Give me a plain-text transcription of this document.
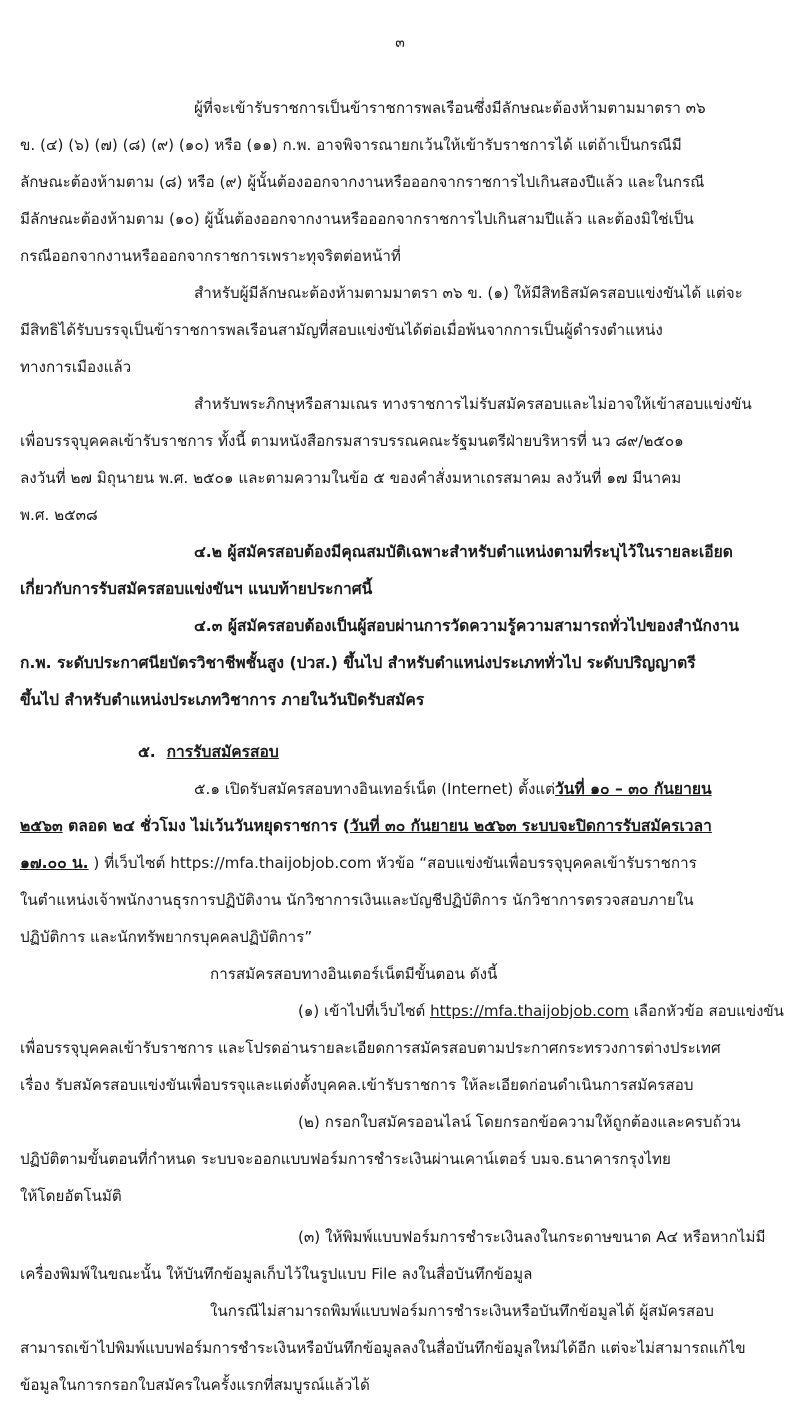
๓
ผู้ที่จะเข้ารับราชการเป็นข้าราชการพลเรือนซึ่งมีลักษณะต้องห้ามตามมาตรา ๓๖
ข. (๔) (๖) (๗) (๘) (๙) (๑๐) หรือ (๑๑) ก.พ. อาจพิจารณายกเว้นให้เข้ารับราชการได้ แต่ถ้าเป็นกรณีมี
ลักษณะต้องห้ามตาม (๘) หรือ (๙) ผู้นั้นต้องออกจากงานหรือออกจากราชการไปเกินสองปีแล้ว และในกรณี
มีลักษณะต้องห้ามตาม (๑๐) ผู้นั้นต้องออกจากงานหรือออกจากราชการไปเกินสามปีแล้ว และต้องมิใช่เป็น
กรณีออกจากงานหรือออกจากราชการเพราะทุจริตต่อหน้าที่
สำหรับผู้มีลักษณะต้องห้ามตามมาตรา ๓๖ ข. (๑) ให้มีสิทธิสมัครสอบแข่งขันได้ แต่จะ
มีสิทธิได้รับบรรจุเป็นข้าราชการพลเรือนสามัญที่สอบแข่งขันได้ต่อเมื่อพ้นจากการเป็นผู้ดำรงตำแหน่ง
ทางการเมืองแล้ว
สำหรับพระภิกษุหรือสามเณร ทางราชการไม่รับสมัครสอบและไม่อาจให้เข้าสอบแข่งขัน
เพื่อบรรจุบุคคลเข้ารับราชการ ทั้งนี้ ตามหนังสือกรมสารบรรณคณะรัฐมนตรีฝ่ายบริหารที่ นว ๘๙/๒๕๐๑
ลงวันที่ ๒๗ มิถุนายน พ.ศ. ๒๕๐๑ และตามความในข้อ ๕ ของคำสั่งมหาเถรสมาคม ลงวันที่ ๑๗ มีนาคม
พ.ศ. ๒๕๓๘
๔.๒ ผู้สมัครสอบต้องมีคุณสมบัติเฉพาะสำหรับตำแหน่งตามที่ระบุไว้ในรายละเอียด
เกี่ยวกับการรับสมัครสอบแข่งขันฯ แนบท้ายประกาศนี้
๔.๓ ผู้สมัครสอบต้องเป็นผู้สอบผ่านการวัดความรู้ความสามารถทั่วไปของสำนักงาน
ก.พ. ระดับประกาศนียบัตรวิชาชีพชั้นสูง (ปวส.) ขึ้นไป สำหรับตำแหน่งประเภททั่วไป ระดับปริญญาตรี
ขึ้นไป สำหรับตำแหน่งประเภทวิชาการ ภายในวันปิดรับสมัคร
๕. การรับสมัครสอบ
๕.๑ เปิดรับสมัครสอบทางอินเทอร์เน็ต (Internet) ตั้งแต่วันที่ ๑๐ – ๓๐ กันยายน
๒๕๖๓ ตลอด ๒๔ ชั่วโมง ไม่เว้นวันหยุดราชการ (วันที่ ๓๐ กันยายน ๒๕๖๓ ระบบจะปิดการรับสมัครเวลา
๑๗.๐๐ น. ) ที่เว็บไซต์ https://mfa.thaijobjob.com หัวข้อ “สอบแข่งขันเพื่อบรรจุบุคคลเข้ารับราชการ
ในตำแหน่งเจ้าพนักงานธุรการปฏิบัติงาน นักวิชาการเงินและบัญชีปฏิบัติการ นักวิชาการตรวจสอบภายใน
ปฏิบัติการ และนักทรัพยากรบุคคลปฏิบัติการ”
การสมัครสอบทางอินเตอร์เน็ตมีขั้นตอน ดังนี้
(๑) เข้าไปที่เว็บไซต์ https://mfa.thaijobjob.com เลือกหัวข้อ สอบแข่งขัน
เพื่อบรรจุบุคคลเข้ารับราชการ และโปรดอ่านรายละเอียดการสมัครสอบตามประกาศกระทรวงการต่างประเทศ
เรื่อง รับสมัครสอบแข่งขันเพื่อบรรจุและแต่งตั้งบุคคล.เข้ารับราชการ ให้ละเอียดก่อนดำเนินการสมัครสอบ
(๒) กรอกใบสมัครออนไลน์ โดยกรอกข้อความให้ถูกต้องและครบถ้วน
ปฏิบัติตามขั้นตอนที่กำหนด ระบบจะออกแบบฟอร์มการชำระเงินผ่านเคาน์เตอร์ บมจ.ธนาคารกรุงไทย
ให้โดยอัตโนมัติ
(๓) ให้พิมพ์แบบฟอร์มการชำระเงินลงในกระดาษขนาด A๔ หรือหากไม่มี
เครื่องพิมพ์ในขณะนั้น ให้บันทึกข้อมูลเก็บไว้ในรูปแบบ File ลงในสื่อบันทึกข้อมูล
ในกรณีไม่สามารถพิมพ์แบบฟอร์มการชำระเงินหรือบันทึกข้อมูลได้ ผู้สมัครสอบ
สามารถเข้าไปพิมพ์แบบฟอร์มการชำระเงินหรือบันทึกข้อมูลลงในสื่อบันทึกข้อมูลใหม่ได้อีก แต่จะไม่สามารถแก้ไข
ข้อมูลในการกรอกใบสมัครในครั้งแรกที่สมบูรณ์แล้วได้
